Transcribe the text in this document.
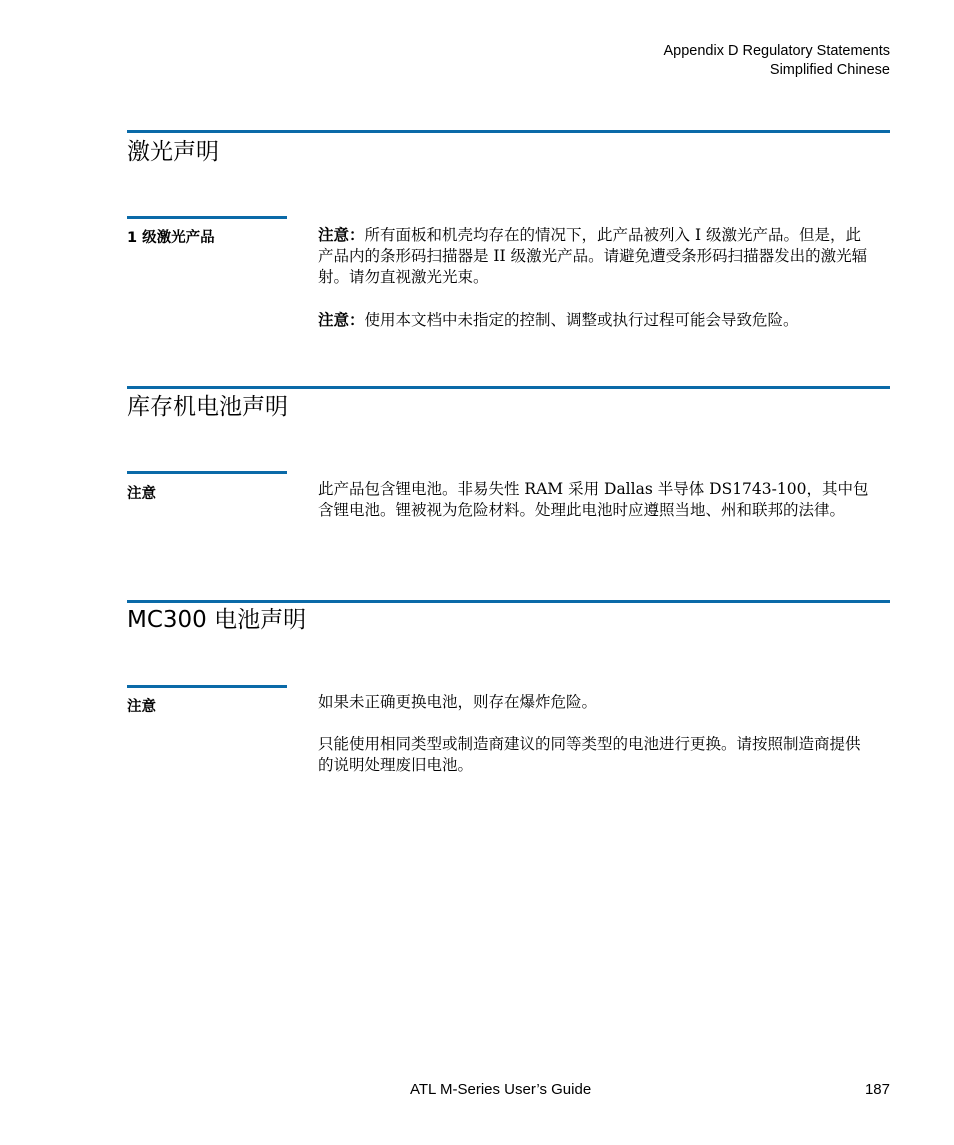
Appendix D Regulatory Statements
Simplified Chinese
激光声明
1 级激光产品	注意：所有面板和机壳均存在的情况下，此产品被列入 I 级激光产品。但是，此产品内的条形码扫描器是 II 级激光产品。请避免遭受条形码扫描器发出的激光辐射。请勿直视激光光束。

注意：使用本文档中未指定的控制、调整或执行过程可能会导致危险。

库存机电池声明
注意	此产品包含锂电池。非易失性 RAM 采用 Dallas 半导体 DS1743-100，其中包含锂电池。锂被视为危险材料。处理此电池时应遵照当地、州和联邦的法律。

MC300 电池声明
注意	如果未正确更换电池，则存在爆炸危险。

只能使用相同类型或制造商建议的同等类型的电池进行更换。请按照制造商提供的说明处理废旧电池。

ATL M-Series User’s Guide	187
